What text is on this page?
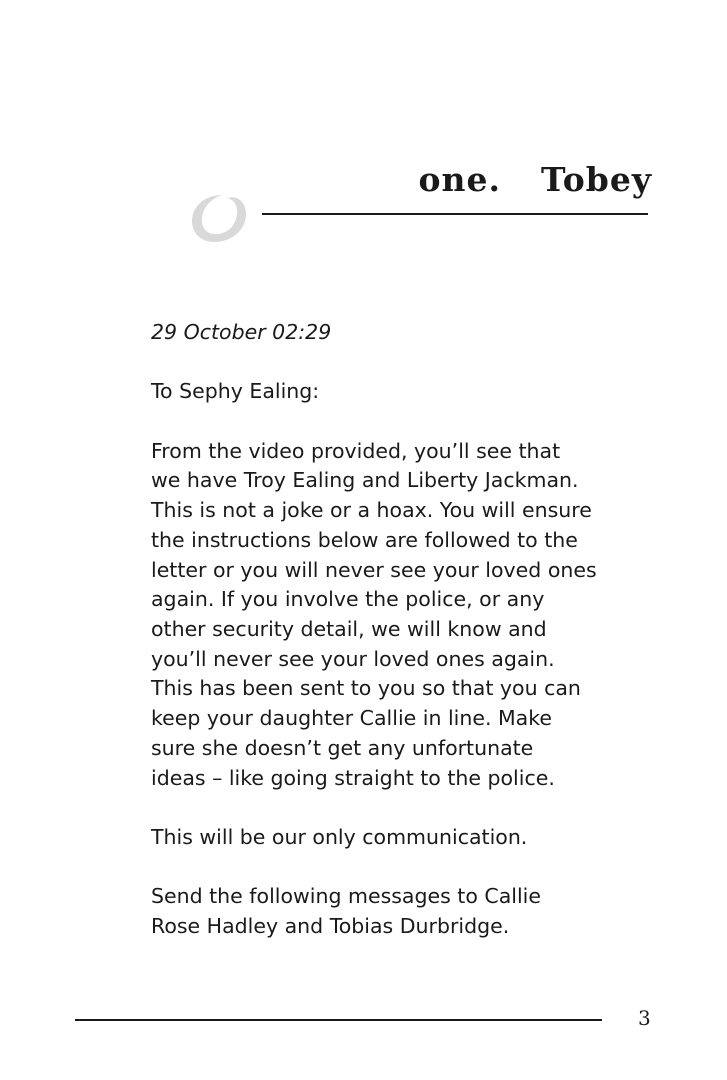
one. Tobey

29 October 02:29

To Sephy Ealing:

From the video provided, you’ll see that
we have Troy Ealing and Liberty Jackman.
This is not a joke or a hoax. You will ensure
the instructions below are followed to the
letter or you will never see your loved ones
again. If you involve the police, or any
other security detail, we will know and
you’ll never see your loved ones again.
This has been sent to you so that you can
keep your daughter Callie in line. Make
sure she doesn’t get any unfortunate
ideas – like going straight to the police.

This will be our only communication.

Send the following messages to Callie
Rose Hadley and Tobias Durbridge.

3
